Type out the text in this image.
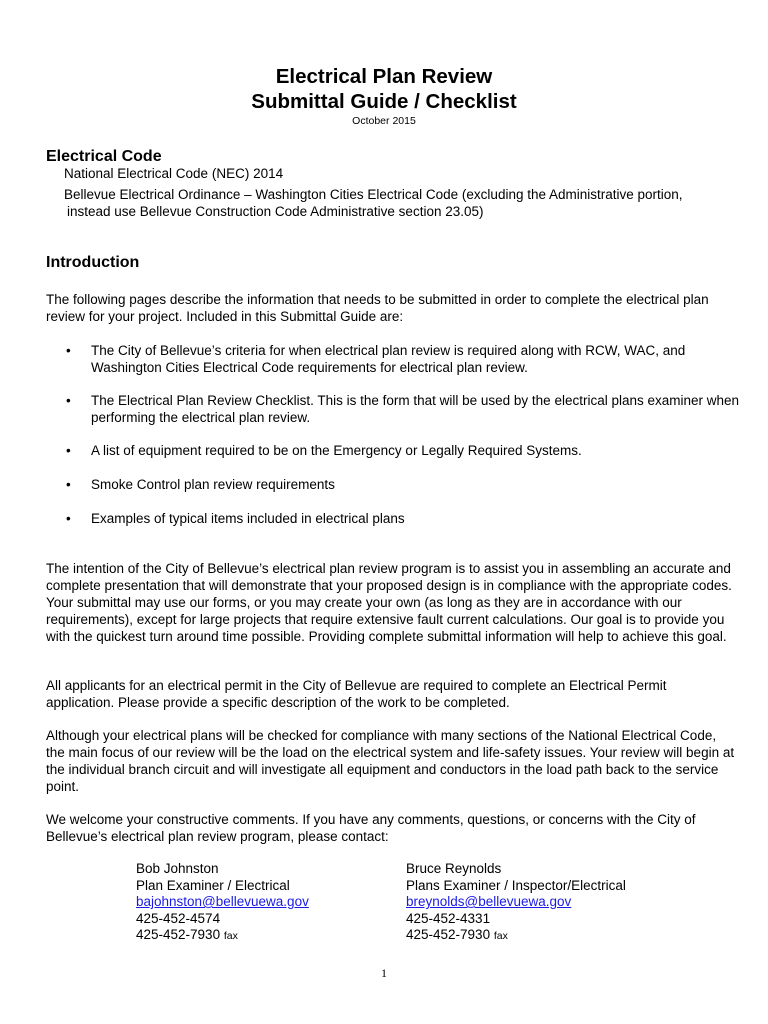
Electrical Plan Review
Submittal Guide / Checklist
October 2015
Electrical Code
National Electrical Code (NEC) 2014
Bellevue Electrical Ordinance – Washington Cities Electrical Code (excluding the Administrative portion,
instead use Bellevue Construction Code Administrative section 23.05)
Introduction
The following pages describe the information that needs to be submitted in order to complete the electrical plan review for your project. Included in this Submittal Guide are:
• The City of Bellevue’s criteria for when electrical plan review is required along with RCW, WAC, and Washington Cities Electrical Code requirements for electrical plan review.
• The Electrical Plan Review Checklist. This is the form that will be used by the electrical plans examiner when performing the electrical plan review.
• A list of equipment required to be on the Emergency or Legally Required Systems.
• Smoke Control plan review requirements
• Examples of typical items included in electrical plans
The intention of the City of Bellevue’s electrical plan review program is to assist you in assembling an accurate and complete presentation that will demonstrate that your proposed design is in compliance with the appropriate codes. Your submittal may use our forms, or you may create your own (as long as they are in accordance with our requirements), except for large projects that require extensive fault current calculations. Our goal is to provide you with the quickest turn around time possible. Providing complete submittal information will help to achieve this goal.
All applicants for an electrical permit in the City of Bellevue are required to complete an Electrical Permit application. Please provide a specific description of the work to be completed.
Although your electrical plans will be checked for compliance with many sections of the National Electrical Code, the main focus of our review will be the load on the electrical system and life-safety issues. Your review will begin at the individual branch circuit and will investigate all equipment and conductors in the load path back to the service point.
We welcome your constructive comments. If you have any comments, questions, or concerns with the City of Bellevue’s electrical plan review program, please contact:
Bob Johnston
Plan Examiner / Electrical
bajohnston@bellevuewa.gov
425-452-4574
425-452-7930 fax
Bruce Reynolds
Plans Examiner / Inspector/Electrical
breynolds@bellevuewa.gov
425-452-4331
425-452-7930 fax
1
